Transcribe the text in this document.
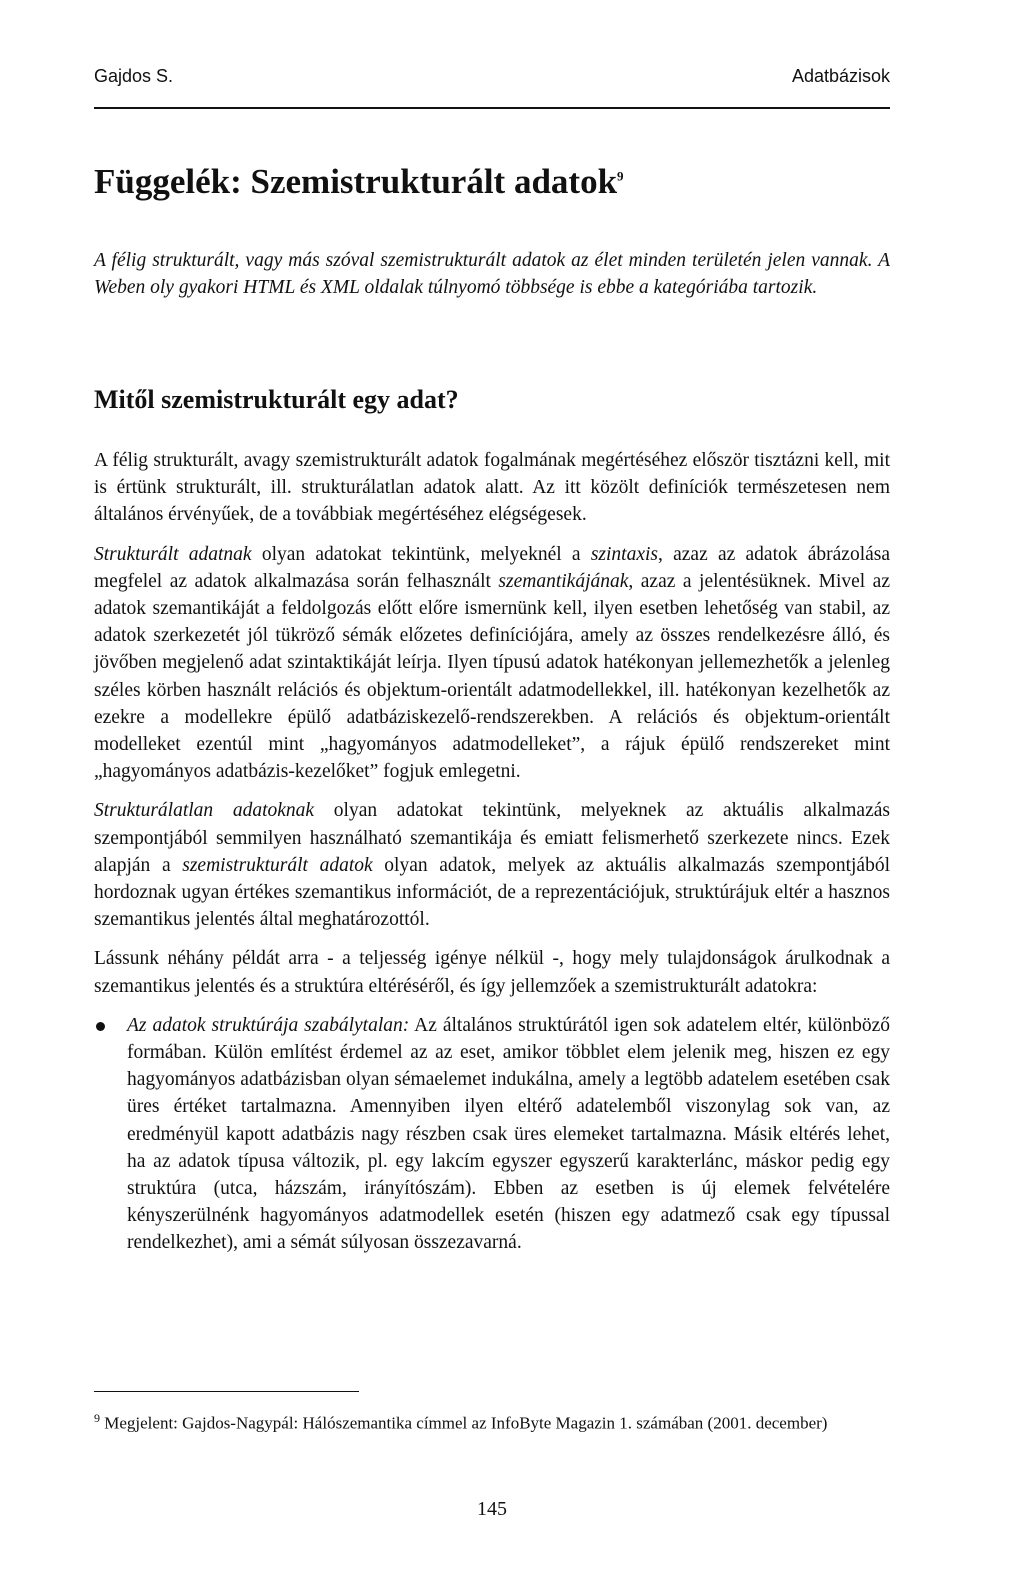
Gajdos S.	Adatbázisok
Függelék: Szemistrukturált adatok$^9$

A félig strukturált, vagy más szóval szemistrukturált adatok az élet minden területén jelen vannak. A Weben oly gyakori HTML és XML oldalak túlnyomó többsége is ebbe a kategóriába tartozik.

Mitől szemistrukturált egy adat?

A félig strukturált, avagy szemistrukturált adatok fogalmának megértéséhez először tisztázni kell, mit is értünk strukturált, ill. strukturálatlan adatok alatt. Az itt közölt definíciók természetesen nem általános érvényűek, de a továbbiak megértéséhez elégségesek.

Strukturált adatnak olyan adatokat tekintünk, melyeknél a szintaxis, azaz az adatok ábrázolása megfelel az adatok alkalmazása során felhasznált szemantikájának, azaz a jelentésüknek. Mivel az adatok szemantikáját a feldolgozás előtt előre ismernünk kell, ilyen esetben lehetőség van stabil, az adatok szerkezetét jól tükröző sémák előzetes definíciójára, amely az összes rendelkezésre álló, és jövőben megjelenő adat szintaktikáját leírja. Ilyen típusú adatok hatékonyan jellemezhetők a jelenleg széles körben használt relációs és objektum-orientált adatmodellekkel, ill. hatékonyan kezelhetők az ezekre a modellekre épülő adatbáziskezelő-rendszerekben. A relációs és objektum-orientált modelleket ezentúl mint „hagyományos adatmodelleket”, a rájuk épülő rendszereket mint „hagyományos adatbázis-kezelőket” fogjuk emlegetni.

Strukturálatlan adatoknak olyan adatokat tekintünk, melyeknek az aktuális alkalmazás szempontjából semmilyen használható szemantikája és emiatt felismerhető szerkezete nincs. Ezek alapján a szemistrukturált adatok olyan adatok, melyek az aktuális alkalmazás szempontjából hordoznak ugyan értékes szemantikus információt, de a reprezentációjuk, struktúrájuk eltér a hasznos szemantikus jelentés által meghatározottól.

Lássunk néhány példát arra - a teljesség igénye nélkül -, hogy mely tulajdonságok árulkodnak a szemantikus jelentés és a struktúra eltéréséről, és így jellemzőek a szemistrukturált adatokra:

Az adatok struktúrája szabálytalan: Az általános struktúrától igen sok adatelem eltér, különböző formában. Külön említést érdemel az az eset, amikor többlet elem jelenik meg, hiszen ez egy hagyományos adatbázisban olyan sémaelemet indukálna, amely a legtöbb adatelem esetében csak üres értéket tartalmazna. Amennyiben ilyen eltérő adatelemből viszonylag sok van, az eredményül kapott adatbázis nagy részben csak üres elemeket tartalmazna. Másik eltérés lehet, ha az adatok típusa változik, pl. egy lakcím egyszer egyszerű karakterlánc, máskor pedig egy struktúra (utca, házszám, irányítószám). Ebben az esetben is új elemek felvételére kényszerülnénk hagyományos adatmodellek esetén (hiszen egy adatmező csak egy típussal rendelkezhet), ami a sémát súlyosan összezavarná.

$^9$ Megjelent: Gajdos-Nagypál: Hálószemantika címmel az InfoByte Magazin 1. számában (2001. december)

145
